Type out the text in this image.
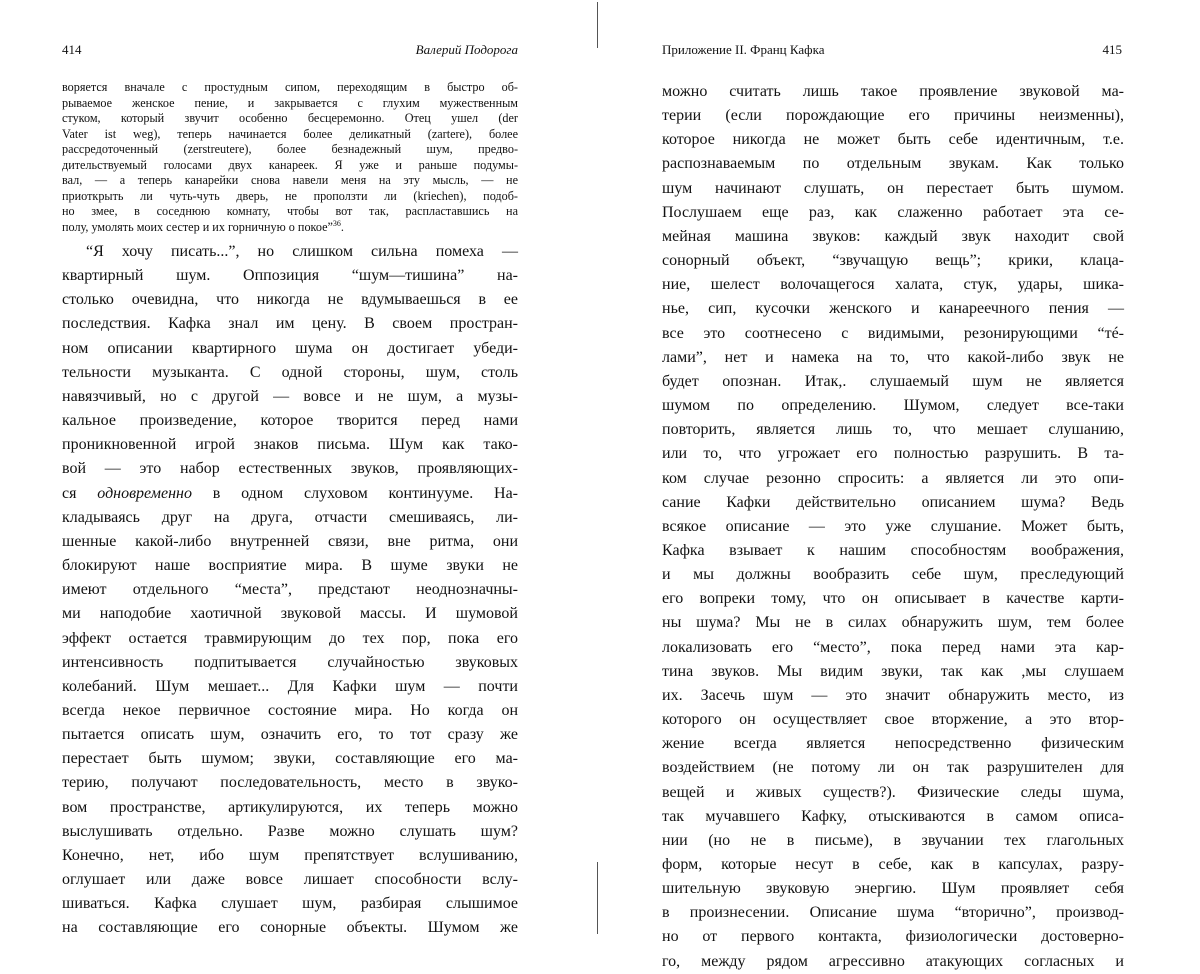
414	Валерий Подорога
воряется вначале с простудным сипом, переходящим в быстро об-
рываемое женское пение, и закрывается с глухим мужественным
стуком, который звучит особенно бесцеремонно. Отец ушел (der
Vater ist weg), теперь начинается более деликатный (zartere), более
рассредоточенный (zerstreutere), более безнадежный шум, предво-
дительствуемый голосами двух канареек. Я уже и раньше подумы-
вал, — а теперь канарейки снова навели меня на эту мысль, — не
приоткрыть ли чуть-чуть дверь, не проползти ли (kriechen), подоб-
но змее, в соседнюю комнату, чтобы вот так, распластавшись на
полу, умолять моих сестер и их горничную о покое”$^{36}$.
“Я хочу писать...”, но слишком сильна помеха —
квартирный шум. Оппозиция “шум—тишина” на-
столько очевидна, что никогда не вдумываешься в ее
последствия. Кафка знал им цену. В своем простран-
ном описании квартирного шума он достигает убеди-
тельности музыканта. С одной стороны, шум, столь
навязчивый, но с другой — вовсе и не шум, а музы-
кальное произведение, которое творится перед нами
проникновенной игрой знаков письма. Шум как тако-
вой — это набор естественных звуков, проявляющих-
ся одновременно в одном слуховом континууме. На-
кладываясь друг на друга, отчасти смешиваясь, ли-
шенные какой-либо внутренней связи, вне ритма, они
блокируют наше восприятие мира. В шуме звуки не
имеют отдельного “места”, предстают неоднозначны-
ми наподобие хаотичной звуковой массы. И шумовой
эффект остается травмирующим до тех пор, пока его
интенсивность подпитывается случайностью звуковых
колебаний. Шум мешает... Для Кафки шум — почти
всегда некое первичное состояние мира. Но когда он
пытается описать шум, означить его, то тот сразу же
перестает быть шумом; звуки, составляющие его ма-
терию, получают последовательность, место в звуко-
вом пространстве, артикулируются, их теперь можно
выслушивать отдельно. Разве можно слушать шум?
Конечно, нет, ибо шум препятствует вслушиванию,
оглушает или даже вовсе лишает способности вслу-
шиваться. Кафка слушает шум, разбирая слышимое
на составляющие его сонорные объекты. Шумом же
Приложение II. Франц Кафка	415
можно считать лишь такое проявление звуковой ма-
терии (если порождающие его причины неизменны),
которое никогда не может быть себе идентичным, т.е.
распознаваемым по отдельным звукам. Как только
шум начинают слушать, он перестает быть шумом.
Послушаем еще раз, как слаженно работает эта се-
мейная машина звуков: каждый звук находит свой
сонорный объект, “звучащую вещь”; крики, клаца-
ние, шелест волочащегося халата, стук, удары, шика-
нье, сип, кусочки женского и канареечного пения —
все это соотнесено с видимыми, резонирующими “тé-
лами”, нет и намека на то, что какой-либо звук не
будет опознан. Итак,. слушаемый шум не является
шумом по определению. Шумом, следует все-таки
повторить, является лишь то, что мешает слушанию,
или то, что угрожает его полностью разрушить. В та-
ком случае резонно спросить: а является ли это опи-
сание Кафки действительно описанием шума? Ведь
всякое описание — это уже слушание. Может быть,
Кафка взывает к нашим способностям воображения,
и мы должны вообразить себе шум, преследующий
его вопреки тому, что он описывает в качестве карти-
ны шума? Мы не в силах обнаружить шум, тем более
локализовать его “место”, пока перед нами эта кар-
тина звуков. Мы видим звуки, так как ,мы слушаем
их. Засечь шум — это значит обнаружить место, из
которого он осуществляет свое вторжение, а это втор-
жение всегда является непосредственно физическим
воздействием (не потому ли он так разрушителен для
вещей и живых существ?). Физические следы шума,
так мучавшего Кафку, отыскиваются в самом описа-
нии (но не в письме), в звучании тех глагольных
форм, которые несут в себе, как в капсулах, разру-
шительную звуковую энергию. Шум проявляет себя
в произнесении. Описание шума “вторично”, производ-
но от первого контакта, физиологически достоверно-
го, между рядом агрессивно атакующих согласных и
